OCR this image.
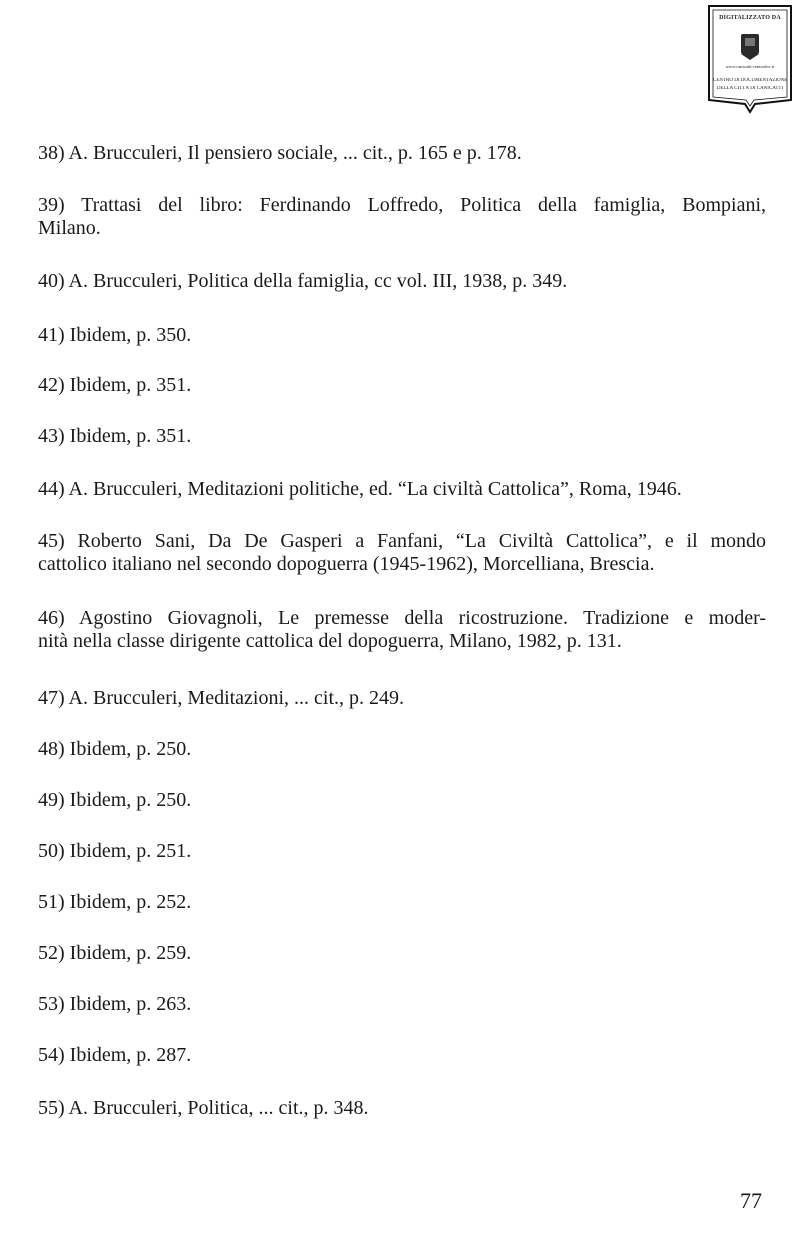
DIGITALIZZATO DA
www.canicatti-centrodoc.it
CENTRO DI DOCUMENTAZIONE
DELLA CITTÀ DI CANICATTÌ

38) A. Brucculeri, Il pensiero sociale, ... cit., p. 165 e p. 178.

39) Trattasi del libro: Ferdinando Loffredo, Politica della famiglia, Bompiani,
Milano.

40) A. Brucculeri, Politica della famiglia, cc vol. III, 1938, p. 349.

41) Ibidem, p. 350.

42) Ibidem, p. 351.

43) Ibidem, p. 351.

44) A. Brucculeri, Meditazioni politiche, ed. “La civiltà Cattolica”, Roma, 1946.

45) Roberto Sani, Da De Gasperi a Fanfani, “La Civiltà Cattolica”, e il mondo
cattolico italiano nel secondo dopoguerra (1945-1962), Morcelliana, Brescia.

46) Agostino Giovagnoli, Le premesse della ricostruzione. Tradizione e moder-
nità nella classe dirigente cattolica del dopoguerra, Milano, 1982, p. 131.

47) A. Brucculeri, Meditazioni, ... cit., p. 249.

48) Ibidem, p. 250.

49) Ibidem, p. 250.

50) Ibidem, p. 251.

51) Ibidem, p. 252.

52) Ibidem, p. 259.

53) Ibidem, p. 263.

54) Ibidem, p. 287.

55) A. Brucculeri, Politica, ... cit., p. 348.

77
